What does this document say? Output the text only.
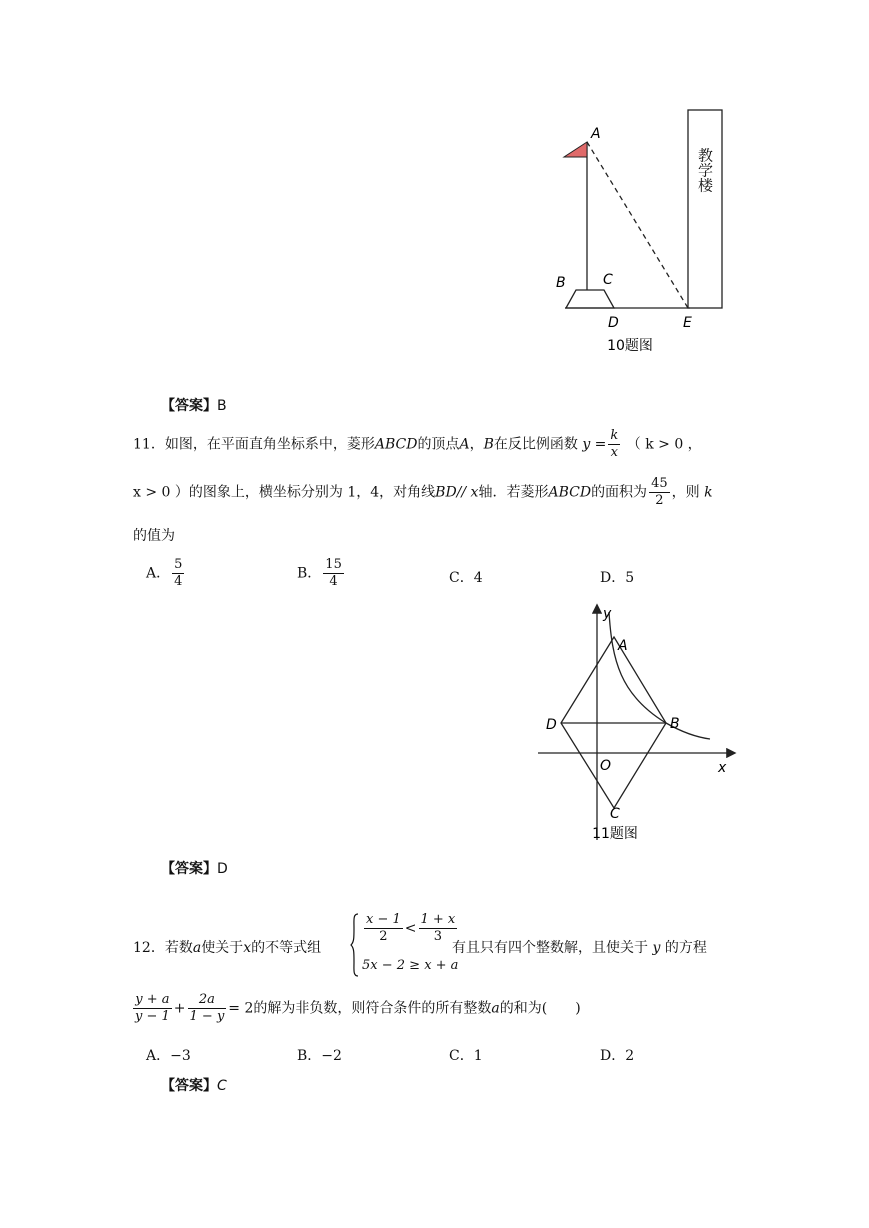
教学楼
A
B	C
D	E
10题图
【答案】B
11．如图，在平面直角坐标系中，菱形ABCD的顶点A，B在反比例函数 $y = \frac{k}{x}$ （ k > 0 ，
x > 0 ）的图象上，横坐标分别为 1，4，对角线BD// x轴．若菱形ABCD的面积为 $\frac{45}{2}$ ，则 k
的值为
A． $\frac{5}{4}$	B． $\frac{15}{4}$	C．4	D．5
A
B
C
D
O	x
y
11题图
【答案】D
12．若数a使关于x的不等式组
$\frac{x - 1}{2} < \frac{1 + x}{3}$
5x − 2 ≥ x + a
有且只有四个整数解，且使关于 y 的方程
$\frac{y + a}{y - 1} + \frac{2a}{1 - y} = 2$的解为非负数，则符合条件的所有整数a的和为(　　)
A．−3	B．−2	C．1	D．2
【答案】C
